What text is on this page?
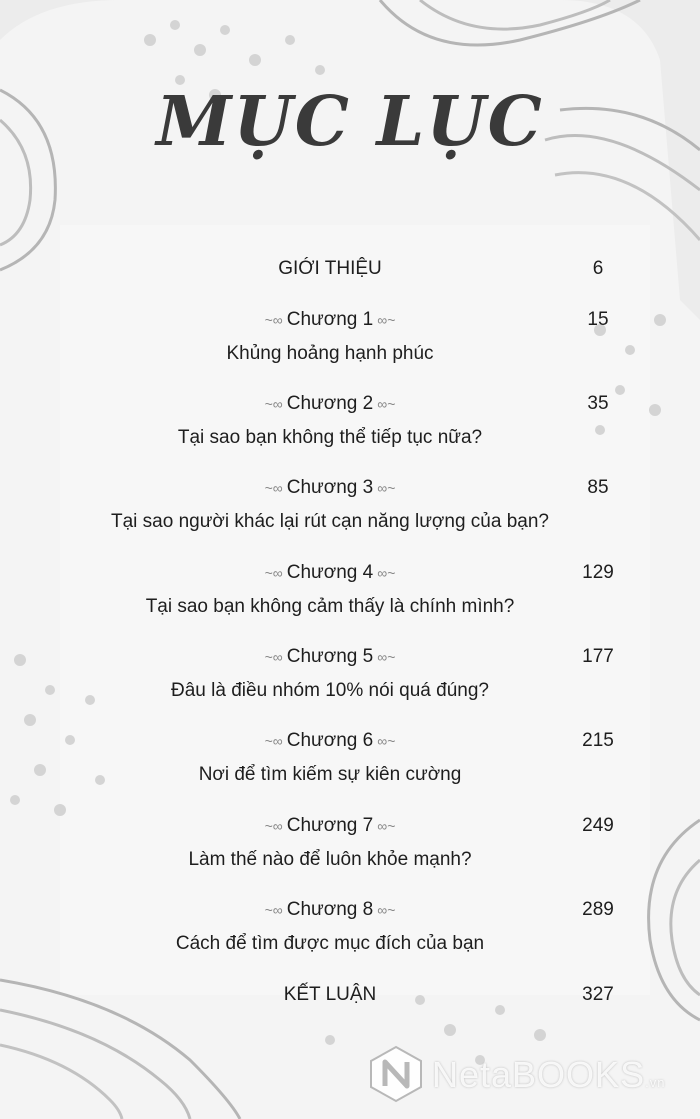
MỤC LỤC
GIỚI THIỆU	6
~∞ Chương 1 ∞~	15
Khủng hoảng hạnh phúc
~∞ Chương 2 ∞~	35
Tại sao bạn không thể tiếp tục nữa?
~∞ Chương 3 ∞~	85
Tại sao người khác lại rút cạn năng lượng của bạn?
~∞ Chương 4 ∞~	129
Tại sao bạn không cảm thấy là chính mình?
~∞ Chương 5 ∞~	177
Đâu là điều nhóm 10% nói quá đúng?
~∞ Chương 6 ∞~	215
Nơi để tìm kiếm sự kiên cường
~∞ Chương 7 ∞~	249
Làm thế nào để luôn khỏe mạnh?
~∞ Chương 8 ∞~	289
Cách để tìm được mục đích của bạn
KẾT LUẬN	327
NetaBOOKS.vn
